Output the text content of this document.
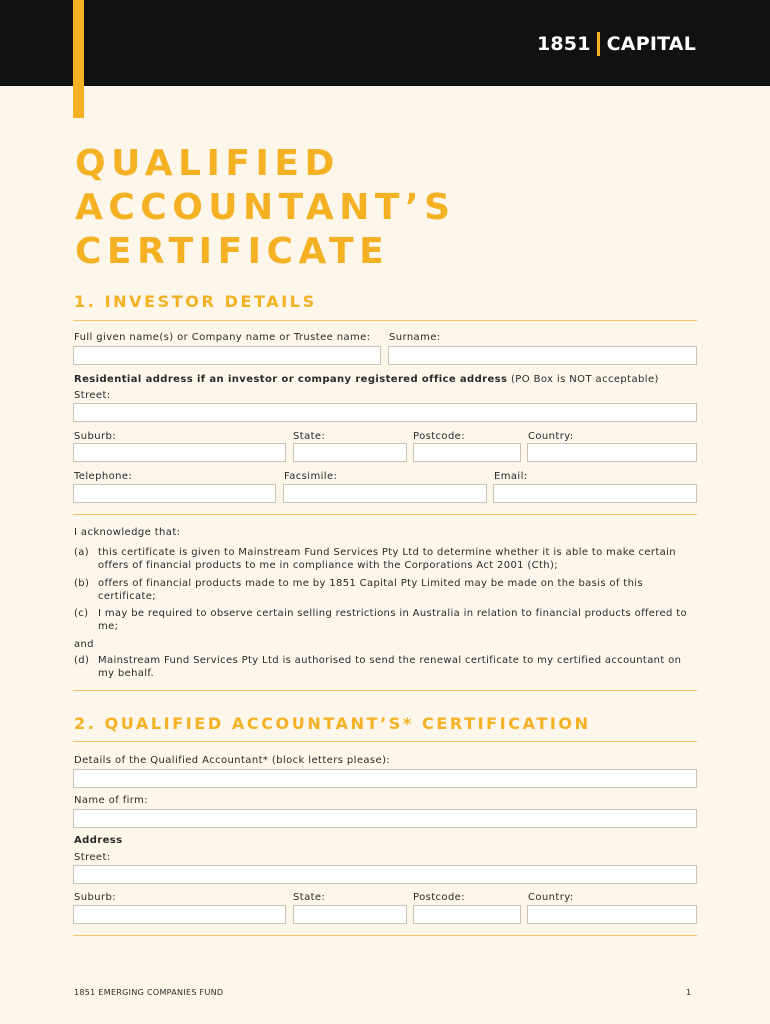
1851 CAPITAL
QUALIFIED
ACCOUNTANT’S
CERTIFICATE
1. INVESTOR DETAILS
Full given name(s) or Company name or Trustee name: Surname:
Residential address if an investor or company registered office address (PO Box is NOT acceptable)
Street:
Suburb:	State:	Postcode:	Country:
Telephone:	Facsimile:	Email:
I acknowledge that:
(a) this certificate is given to Mainstream Fund Services Pty Ltd to determine whether it is able to make certain offers of financial products to me in compliance with the Corporations Act 2001 (Cth);
(b) offers of financial products made to me by 1851 Capital Pty Limited may be made on the basis of this certificate;
(c) I may be required to observe certain selling restrictions in Australia in relation to financial products offered to me;
and
(d) Mainstream Fund Services Pty Ltd is authorised to send the renewal certificate to my certified accountant on my behalf.
2. QUALIFIED ACCOUNTANT’S* CERTIFICATION
Details of the Qualified Accountant* (block letters please):
Name of firm:
Address
Street:
Suburb:	State:	Postcode:	Country:
1851 EMERGING COMPANIES FUND	1
